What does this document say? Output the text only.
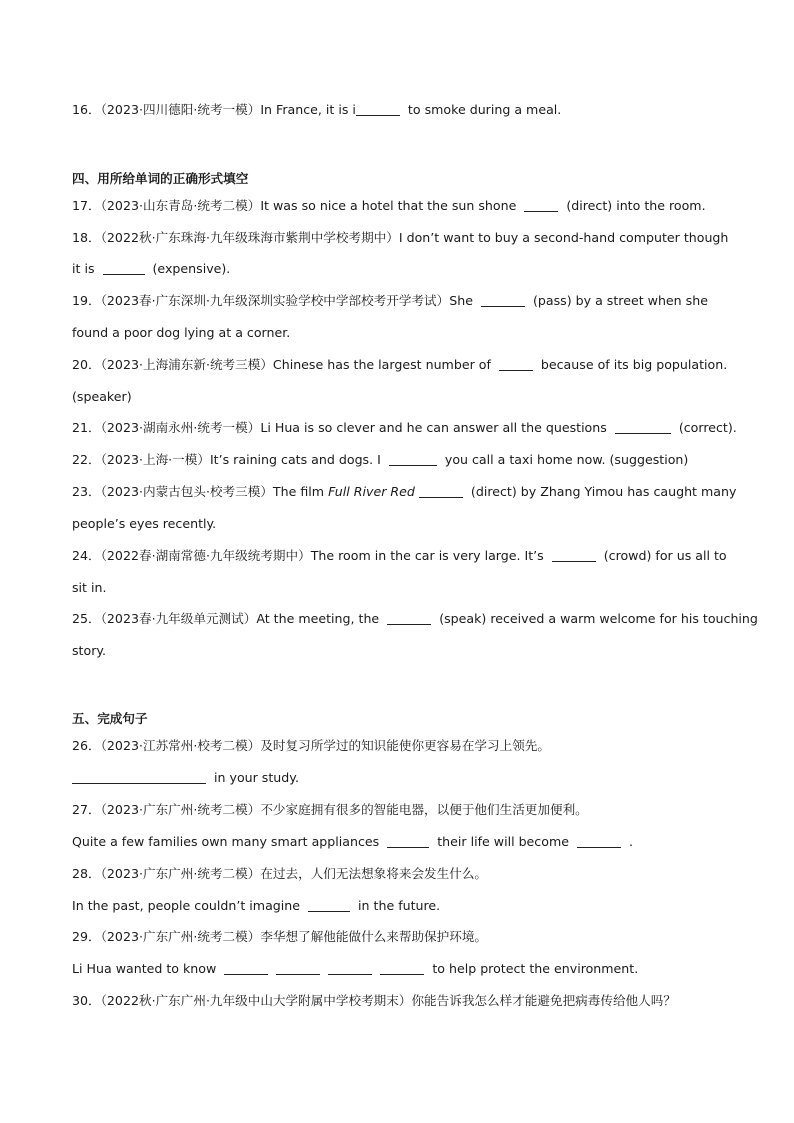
16．（2023·四川德阳·统考一模）In France, it is i	to smoke during a meal.
四、用所给单词的正确形式填空
17．（2023·山东青岛·统考二模）It was so nice a hotel that the sun shone	(direct) into the room.
18．（2022秋·广东珠海·九年级珠海市紫荆中学校考期中）I don’t want to buy a second-hand computer though
it is	(expensive).
19．（2023春·广东深圳·九年级深圳实验学校中学部校考开学考试）She	(pass) by a street when she
found a poor dog lying at a corner.
20．（2023·上海浦东新·统考三模）Chinese has the largest number of	because of its big population.
(speaker)
21．（2023·湖南永州·统考一模）Li Hua is so clever and he can answer all the questions	(correct).
22．（2023·上海·一模）It’s raining cats and dogs. I	you call a taxi home now. (suggestion)
23．（2023·内蒙古包头·校考三模）The film Full River Red	(direct) by Zhang Yimou has caught many
people’s eyes recently.
24．（2022春·湖南常德·九年级统考期中）The room in the car is very large. It’s	(crowd) for us all to
sit in.
25．（2023春·九年级单元测试）At the meeting, the	(speak) received a warm welcome for his touching
story.
五、完成句子
26．（2023·江苏常州·校考二模）及时复习所学过的知识能使你更容易在学习上领先。
in your study.
27．（2023·广东广州·统考二模）不少家庭拥有很多的智能电器，以便于他们生活更加便利。
Quite a few families own many smart appliances	their life will become	.
28．（2023·广东广州·统考二模）在过去，人们无法想象将来会发生什么。
In the past, people couldn’t imagine	in the future.
29．（2023·广东广州·统考二模）李华想了解他能做什么来帮助保护环境。
Li Hua wanted to know	to help protect the environment.
30．（2022秋·广东广州·九年级中山大学附属中学校考期末）你能告诉我怎么样才能避免把病毒传给他人吗？
